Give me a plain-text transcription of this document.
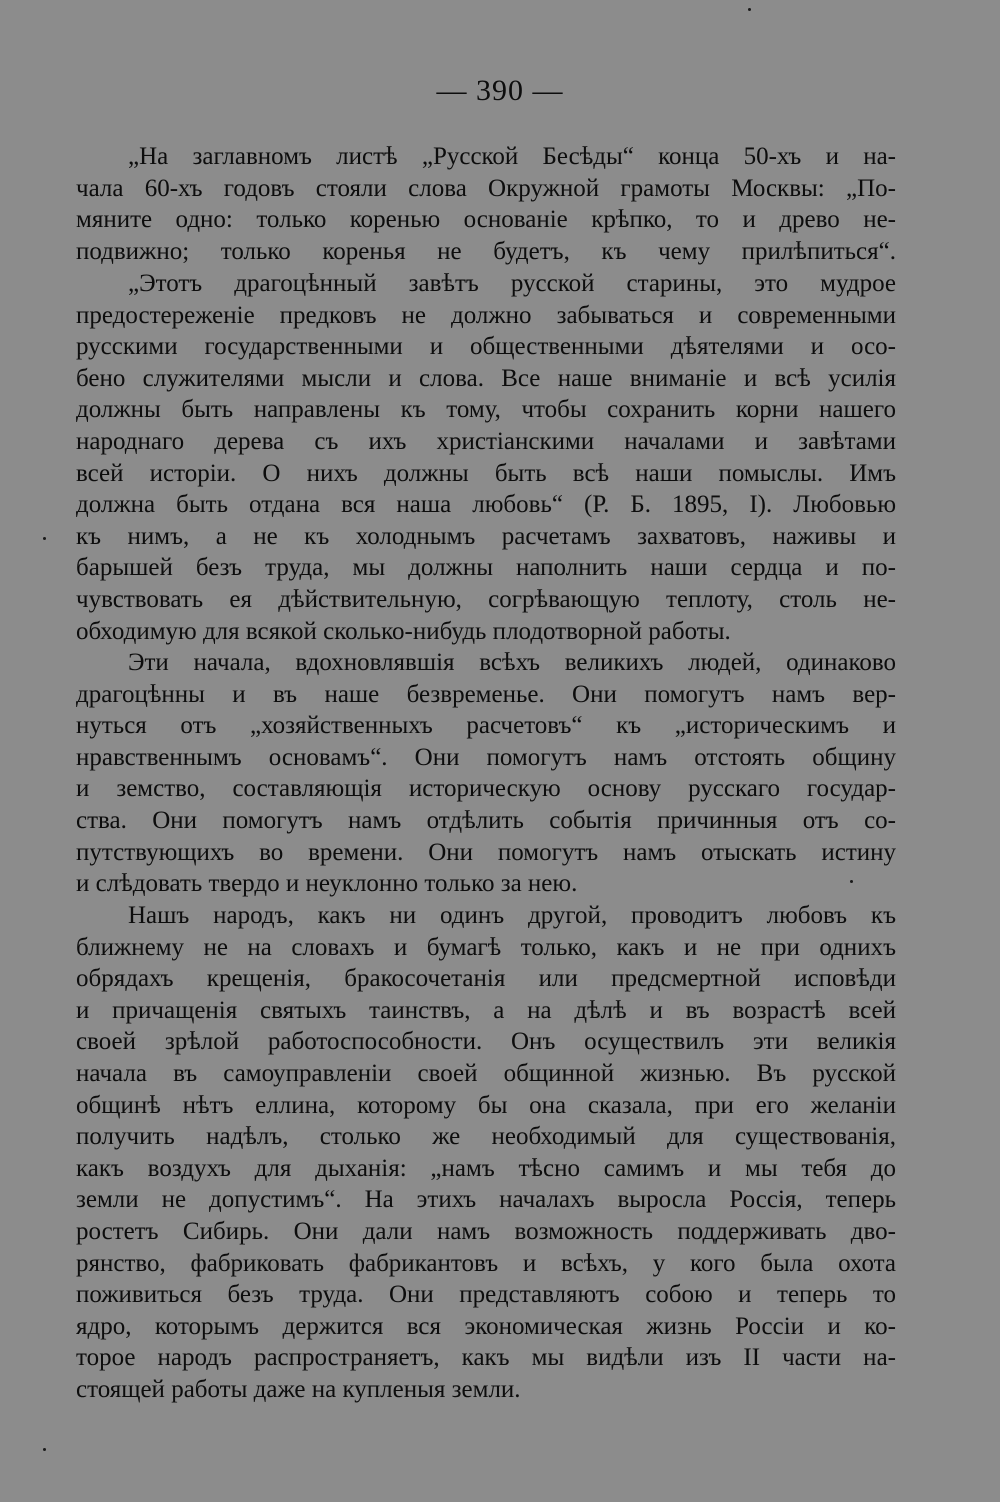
— 390 —
„На заглавномъ листѣ „Русской Бесѣды“ конца 50-хъ и на-
чала 60-хъ годовъ стояли слова Окружной грамоты Москвы: „По-
мяните одно: только коренью основаніе крѣпко, то и древо не-
подвижно; только коренья не будетъ, къ чему прилѣпиться“.
„Этотъ драгоцѣнный завѣтъ русской старины, это мудрое
предостереженіе предковъ не должно забываться и современными
русскими государственными и общественными дѣятелями и осо-
бено служителями мысли и слова. Все наше вниманіе и всѣ усилія
должны быть направлены къ тому, чтобы сохранить корни нашего
народнаго дерева съ ихъ христіанскими началами и завѣтами
всей исторіи. О нихъ должны быть всѣ наши помыслы. Имъ
должна быть отдана вся наша любовь“ (Р. Б. 1895, I). Любовью
къ нимъ, а не къ холоднымъ расчетамъ захватовъ, наживы и
барышей безъ труда, мы должны наполнить наши сердца и по-
чувствовать ея дѣйствительную, согрѣвающую теплоту, столь не-
обходимую для всякой сколько-нибудь плодотворной работы.
Эти начала, вдохновлявшія всѣхъ великихъ людей, одинаково
драгоцѣнны и въ наше безвременье. Они помогутъ намъ вер-
нуться отъ „хозяйственныхъ расчетовъ“ къ „историческимъ и
нравственнымъ основамъ“. Они помогутъ намъ отстоять общину
и земство, составляющія историческую основу русскаго государ-
ства. Они помогутъ намъ отдѣлить событія причинныя отъ со-
путствующихъ во времени. Они помогутъ намъ отыскать истину
и слѣдовать твердо и неуклонно только за нею.
Нашъ народъ, какъ ни одинъ другой, проводитъ любовъ къ
ближнему не на словахъ и бумагѣ только, какъ и не при одниxъ
обрядахъ крещенія, бракосочетанія или предсмертной исповѣди
и причащенія святыхъ таинствъ, а на дѣлѣ и въ возрастѣ всей
своей зрѣлой работоспособности. Онъ осуществилъ эти великія
начала въ самоуправленіи своей общинной жизнью. Въ русской
общинѣ нѣтъ еллина, которому бы она сказала, при его желаніи
получить надѣлъ, столько же необходимый для существованія,
какъ воздухъ для дыханія: „намъ тѣсно самимъ и мы тебя до
земли не допустимъ“. На этихъ началахъ выросла Россія, теперь
ростетъ Сибирь. Они дали намъ возможность поддерживать дво-
рянство, фабриковать фабрикантовъ и всѣхъ, у кого была охота
поживиться безъ труда. Они представляютъ собою и теперь то
ядро, которымъ держится вся экономическая жизнь Россіи и ко-
торое народъ распространяетъ, какъ мы видѣли изъ II части на-
стоящей работы даже на купленыя земли.
